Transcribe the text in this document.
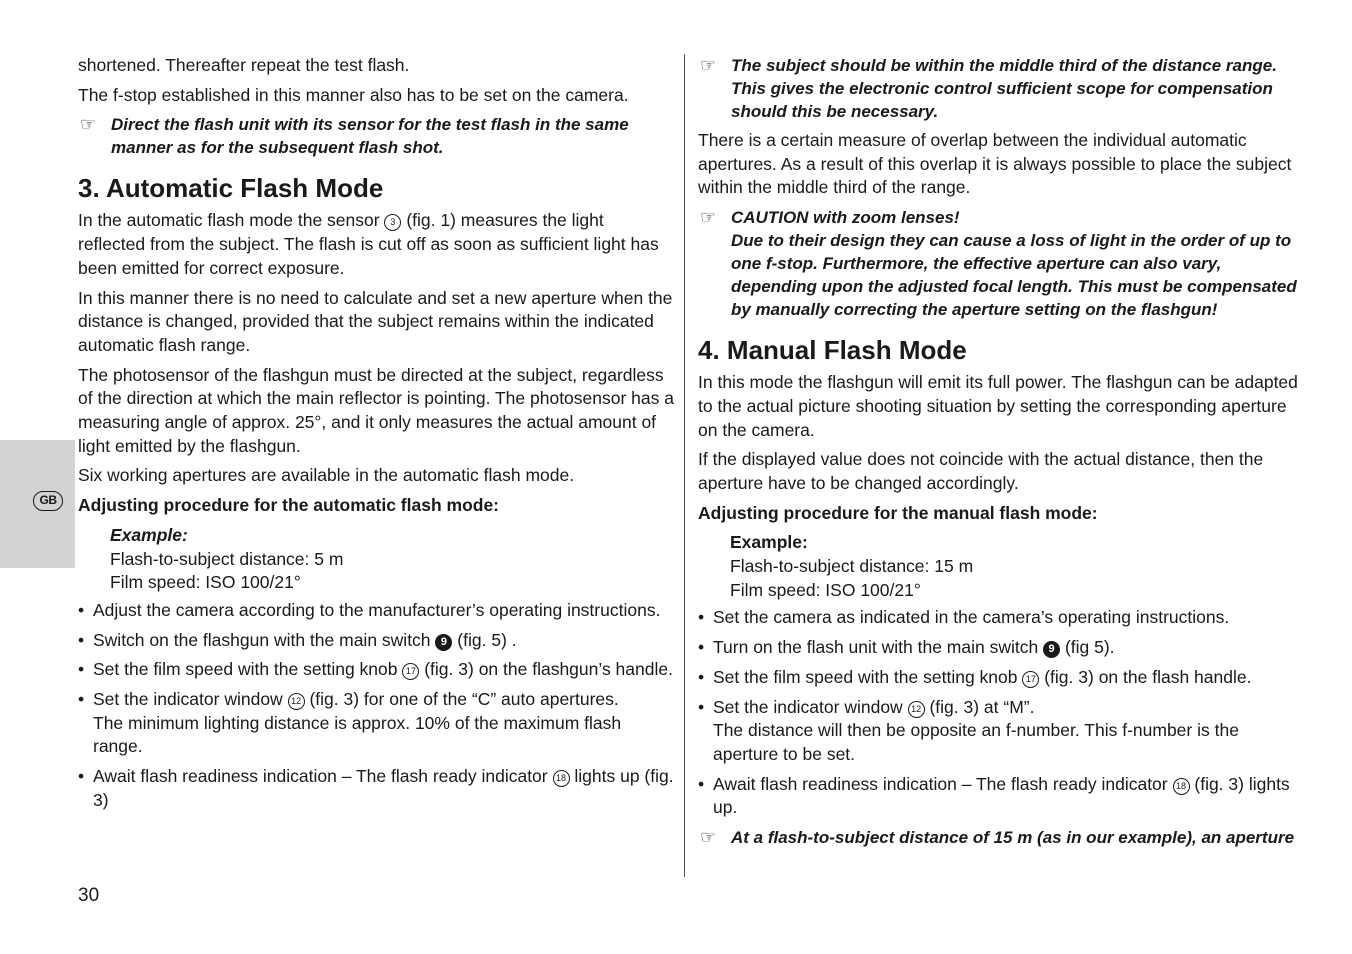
GB

shortened. Thereafter repeat the test flash.

The f-stop established in this manner also has to be set on the camera.

☞ Direct the flash unit with its sensor for the test flash in the same manner as for the subsequent flash shot.
3. Automatic Flash Mode

In the automatic flash mode the sensor 3 (fig. 1) measures the light reflected from the subject. The flash is cut off as soon as sufficient light has been emitted for correct exposure.

In this manner there is no need to calculate and set a new aperture when the distance is changed, provided that the subject remains within the indicated automatic flash range.

The photosensor of the flashgun must be directed at the subject, regardless of the direction at which the main reflector is pointing. The photosensor has a measuring angle of approx. 25°, and it only measures the actual amount of light emitted by the flashgun.

Six working apertures are available in the automatic flash mode.

Adjusting procedure for the automatic flash mode:

Example:
Flash-to-subject distance: 5 m
Film speed: ISO 100/21°
• Adjust the camera according to the manufacturer’s operating instructions.
• Switch on the flashgun with the main switch 9 (fig. 5) .
• Set the film speed with the setting knob 17 (fig. 3) on the flashgun’s handle.
• Set the indicator window 12 (fig. 3) for one of the “C” auto apertures.
The minimum lighting distance is approx. 10% of the maximum flash range.
• Await flash readiness indication – The flash ready indicator 18 lights up (fig. 3)
☞ The subject should be within the middle third of the distance range.
This gives the electronic control sufficient scope for compensation
should this be necessary.

There is a certain measure of overlap between the individual automatic apertures. As a result of this overlap it is always possible to place the subject within the middle third of the range.

☞ CAUTION with zoom lenses!
Due to their design they can cause a loss of light in the order of up to one f-stop. Furthermore, the effective aperture can also vary, depending upon the adjusted focal length. This must be compensated by manually correcting the aperture setting on the flashgun!
4. Manual Flash Mode

In this mode the flashgun will emit its full power. The flashgun can be adapted to the actual picture shooting situation by setting the corresponding aperture on the camera.

If the displayed value does not coincide with the actual distance, then the aperture have to be changed accordingly.

Adjusting procedure for the manual flash mode:

Example:
Flash-to-subject distance: 15 m
Film speed: ISO 100/21°
• Set the camera as indicated in the camera’s operating instructions.
• Turn on the flash unit with the main switch 9 (fig 5).
• Set the film speed with the setting knob 17 (fig. 3) on the flash handle.
• Set the indicator window 12 (fig. 3) at “M”.
The distance will then be opposite an f-number. This f-number is the aperture to be set.
• Await flash readiness indication – The flash ready indicator 18 (fig. 3) lights up.
☞ At a flash-to-subject distance of 15 m (as in our example), an aperture
30
